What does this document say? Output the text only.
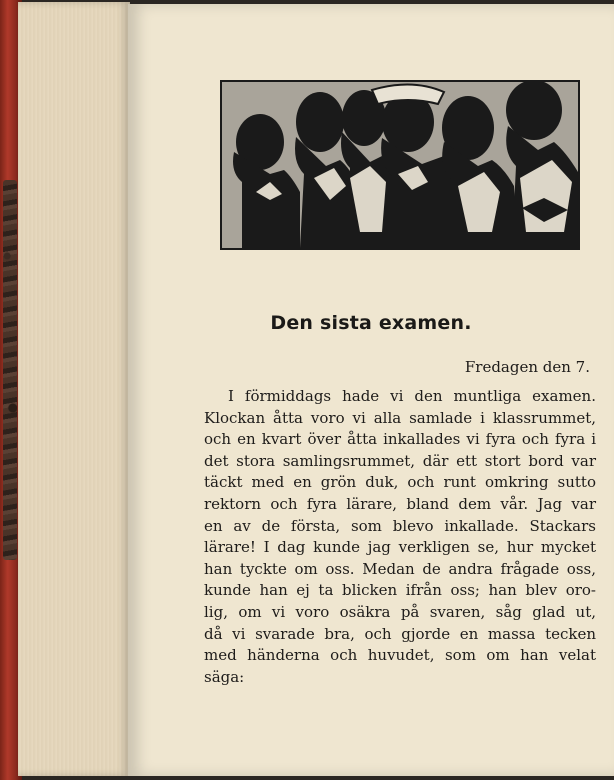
Den sista examen.
Fredagen den 7.
I förmiddags hade vi den muntliga examen.
Klockan åtta voro vi alla samlade i klassrummet,
och en kvart över åtta inkallades vi fyra och fyra i
det stora samlingsrummet, där ett stort bord var
täckt med en grön duk, och runt omkring sutto
rektorn och fyra lärare, bland dem vår. Jag var
en av de första, som blevo inkallade. Stackars
lärare! I dag kunde jag verkligen se, hur mycket
han tyckte om oss. Medan de andra frågade oss,
kunde han ej ta blicken ifrån oss; han blev oro-
lig, om vi voro osäkra på svaren, såg glad ut,
då vi svarade bra, och gjorde en massa tecken
med händerna och huvudet, som om han velat
säga:
